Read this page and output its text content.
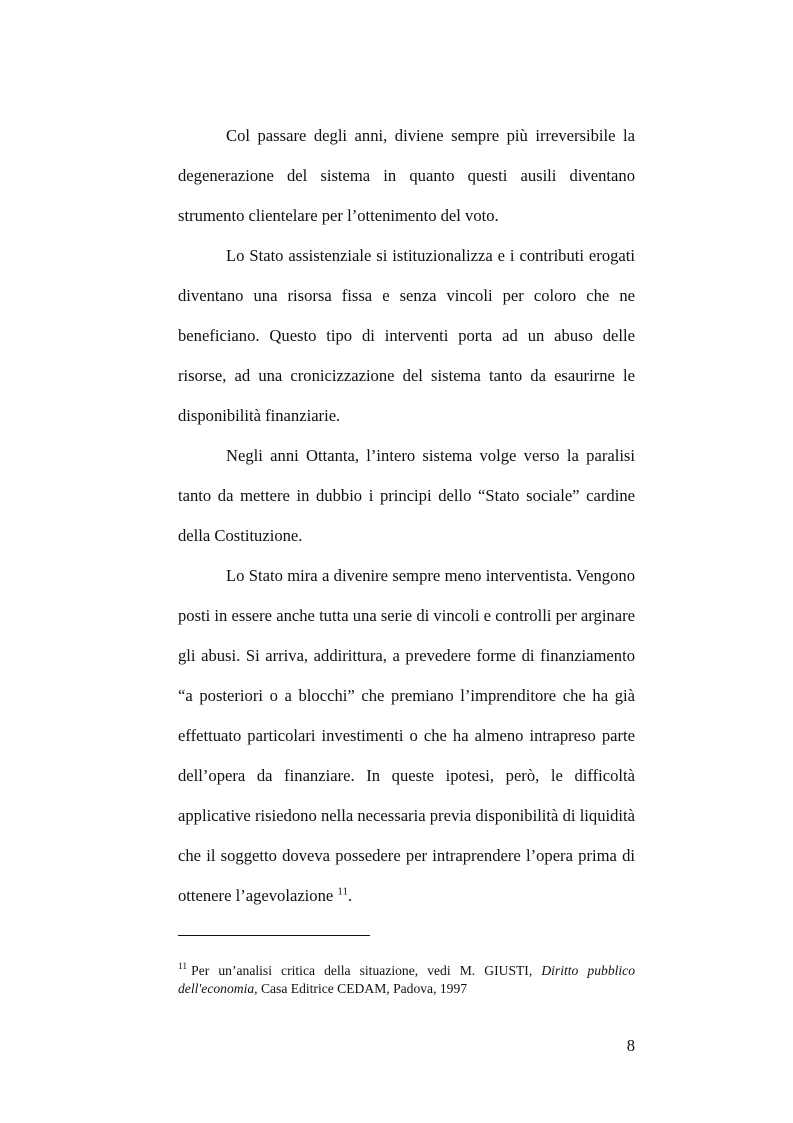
Col passare degli anni, diviene sempre più irreversibile la degenerazione del sistema in quanto questi ausili diventano strumento clientelare per l’ottenimento del voto.

Lo Stato assistenziale si istituzionalizza e i contributi erogati diventano una risorsa fissa e senza vincoli per coloro che ne beneficiano. Questo tipo di interventi porta ad un abuso delle risorse, ad una cronicizzazione del sistema tanto da esaurirne le disponibilità finanziarie.

Negli anni Ottanta, l’intero sistema volge verso la paralisi tanto da mettere in dubbio i principi dello “Stato sociale” cardine della Costituzione.

Lo Stato mira a divenire sempre meno interventista. Vengono posti in essere anche tutta una serie di vincoli e controlli per arginare gli abusi. Si arriva, addirittura, a prevedere forme di finanziamento “a posteriori o a blocchi” che premiano l’imprenditore che ha già effettuato particolari investimenti o che ha almeno intrapreso parte dell’opera da finanziare. In queste ipotesi, però, le difficoltà applicative risiedono nella necessaria previa disponibilità di liquidità che il soggetto doveva possedere per intraprendere l’opera prima di ottenere l’agevolazione $^{11}$.

$^{11}$ Per un’analisi critica della situazione, vedi M. GIUSTI, Diritto pubblico dell'economia, Casa Editrice CEDAM, Padova, 1997

8
